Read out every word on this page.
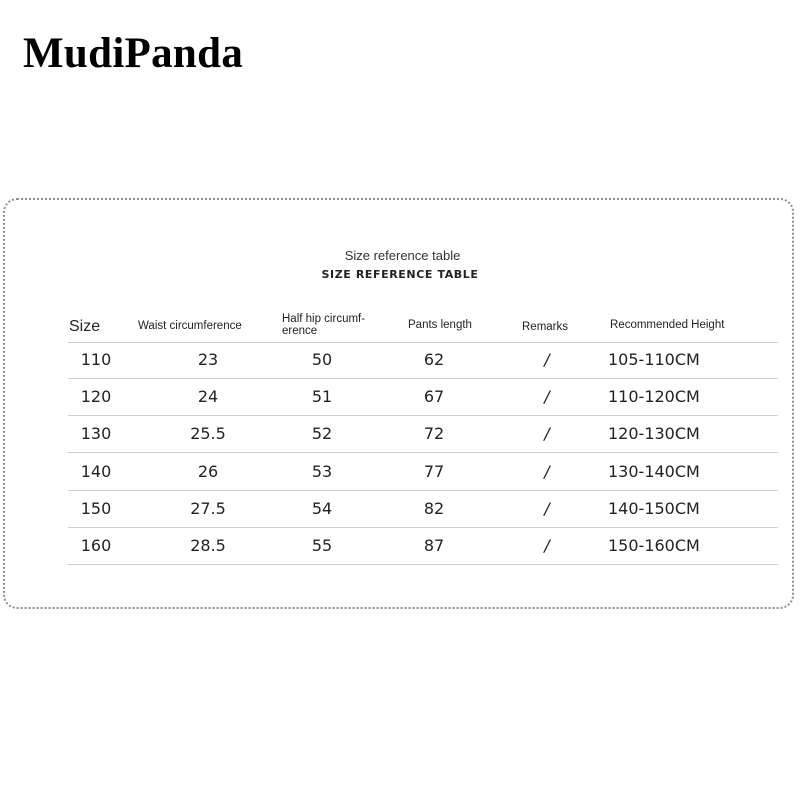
MudiPanda
Size reference table
SIZE REFERENCE TABLE
Size	Waist circumference
Half hip circumf-
erence	Pants length	Remarks	Recommended Height
110	23	50	62	/	105-110CM
120	24	51	67	/	110-120CM
130	25.5	52	72	/	120-130CM
140	26	53	77	/	130-140CM
150	27.5	54	82	/	140-150CM
160	28.5	55	87	/	150-160CM
